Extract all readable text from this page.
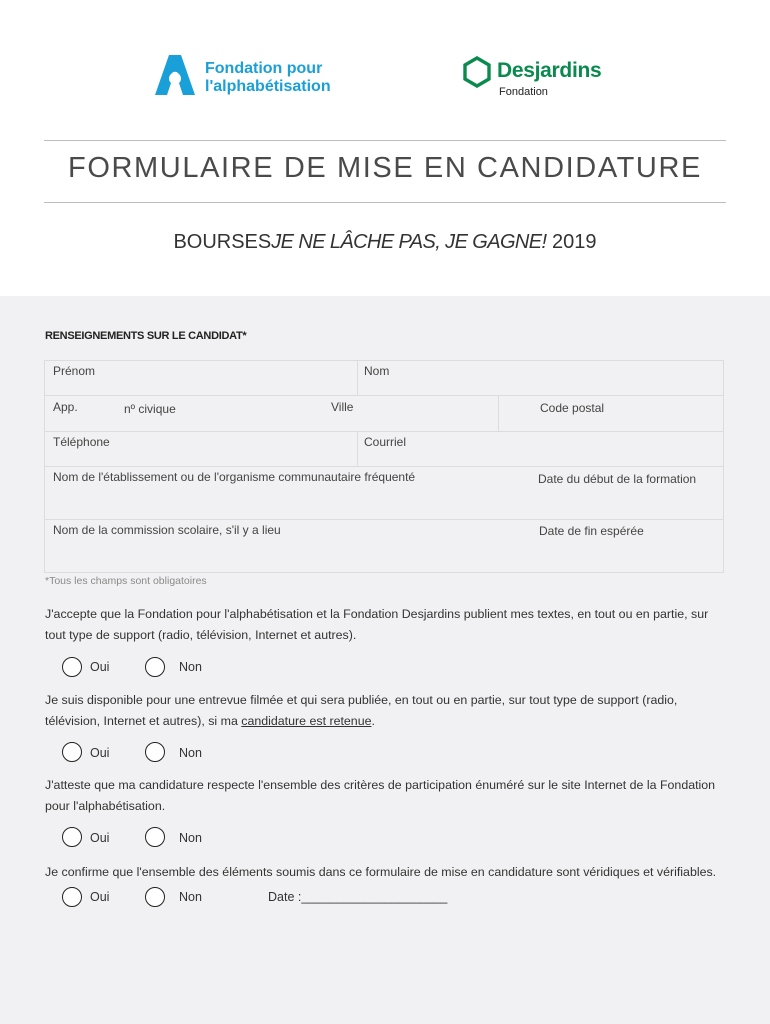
Fondation pour
l'alphabétisation
Desjardins
Fondation
FORMULAIRE DE MISE EN CANDIDATURE
BOURSESJE NE LÂCHE PAS, JE GAGNE! 2019
RENSEIGNEMENTS SUR LE CANDIDAT*
Prénom	Nom
App.	nº civique	Ville	Code postal
Téléphone	Courriel
Nom de l'établissement ou de l'organisme communautaire fréquenté	Date du début de la formation
Nom de la commission scolaire, s'il y a lieu	Date de fin espérée
*Tous les champs sont obligatoires
J'accepte que la Fondation pour l'alphabétisation et la Fondation Desjardins publient mes textes, en tout ou en partie, sur tout type de support (radio, télévision, Internet et autres).
Oui	Non
Je suis disponible pour une entrevue filmée et qui sera publiée, en tout ou en partie, sur tout type de support (radio, télévision, Internet et autres), si ma candidature est retenue.
Oui	Non
J'atteste que ma candidature respecte l'ensemble des critères de participation énuméré sur le site Internet de la Fondation pour l'alphabétisation.
Oui	Non
Je confirme que l'ensemble des éléments soumis dans ce formulaire de mise en candidature sont véridiques et vérifiables.
Oui	Non	Date :_____________________
